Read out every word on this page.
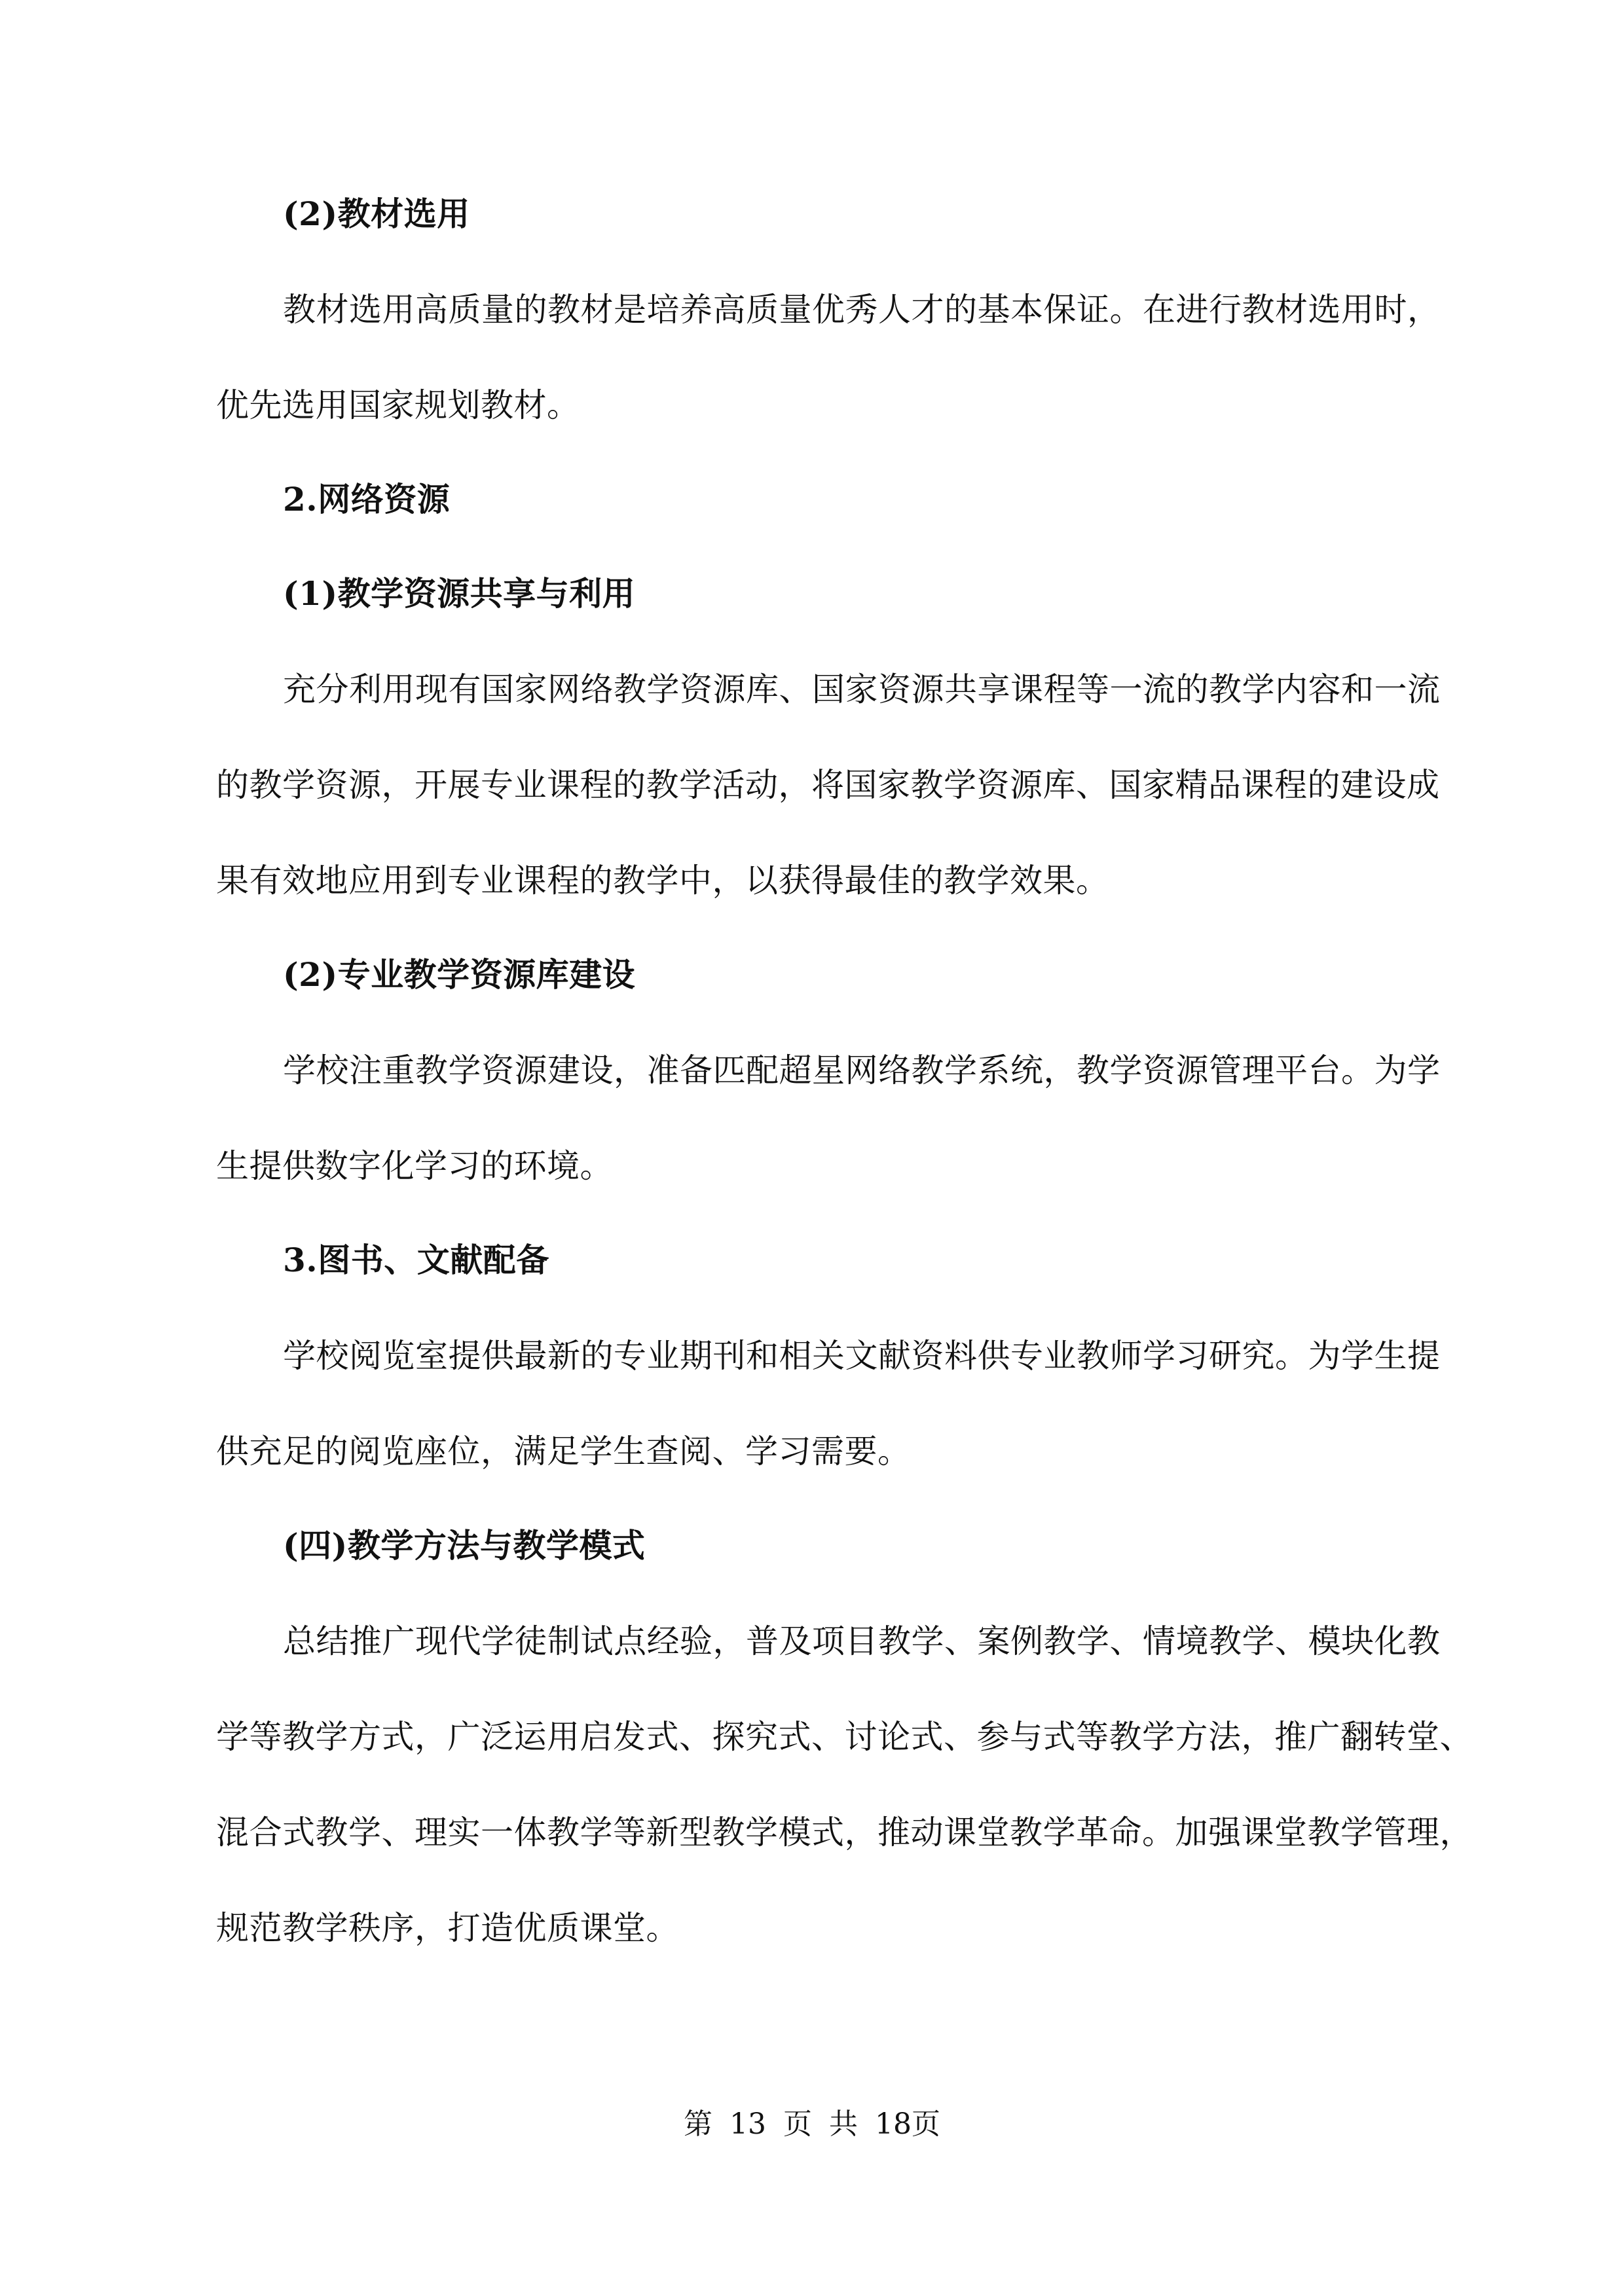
(2)教材选用
教 材 选 用 高 质 量 的 教 材 是 培 养 高 质 量 优 秀 人 才 的 基 本 保 证 。 在 进 行 教 材 选 用 时 ，
优先选用国家规划教材。
2.网络资源
(1)教学资源共享与利用
充 分 利 用 现 有 国 家 网 络 教 学 资 源 库 、 国 家 资 源 共 享 课 程 等 一 流 的 教 学 内 容 和 一 流
的 教 学 资 源 ， 开 展 专 业 课 程 的 教 学 活 动 ， 将 国 家 教 学 资 源 库 、 国 家 精 品 课 程 的 建 设 成
果有效地应用到专业课程的教学中，以获得最佳的教学效果。
(2)专业教学资源库建设
学 校 注 重 教 学 资 源 建 设 ， 准 备 匹 配 超 星 网 络 教 学 系 统 ， 教 学 资 源 管 理 平 台 。 为 学
生提供数字化学习的环境。
3.图书、文献配备
学 校 阅 览 室 提 供 最 新 的 专 业 期 刊 和 相 关 文 献 资 料 供 专 业 教 师 学 习 研 究 。 为 学 生 提
供充足的阅览座位，满足学生查阅、学习需要。
(四)教学方法与教学模式
总 结 推 广 现 代 学 徒 制 试 点 经 验 ， 普 及 项 目 教 学 、 案 例 教 学 、 情 境 教 学 、 模 块 化 教
学 等 教 学 方 式 ， 广 泛 运 用 启 发 式 、 探 究 式 、 讨 论 式 、 参 与 式 等 教 学 方 法 ， 推 广 翻 转 堂 、
混 合 式 教 学 、 理 实 一 体 教 学 等 新 型 教 学 模 式 ， 推 动 课 堂 教 学 革 命 。 加 强 课 堂 教 学 管 理 ，
规范教学秩序，打造优质课堂。
第 13 页 共 18页
